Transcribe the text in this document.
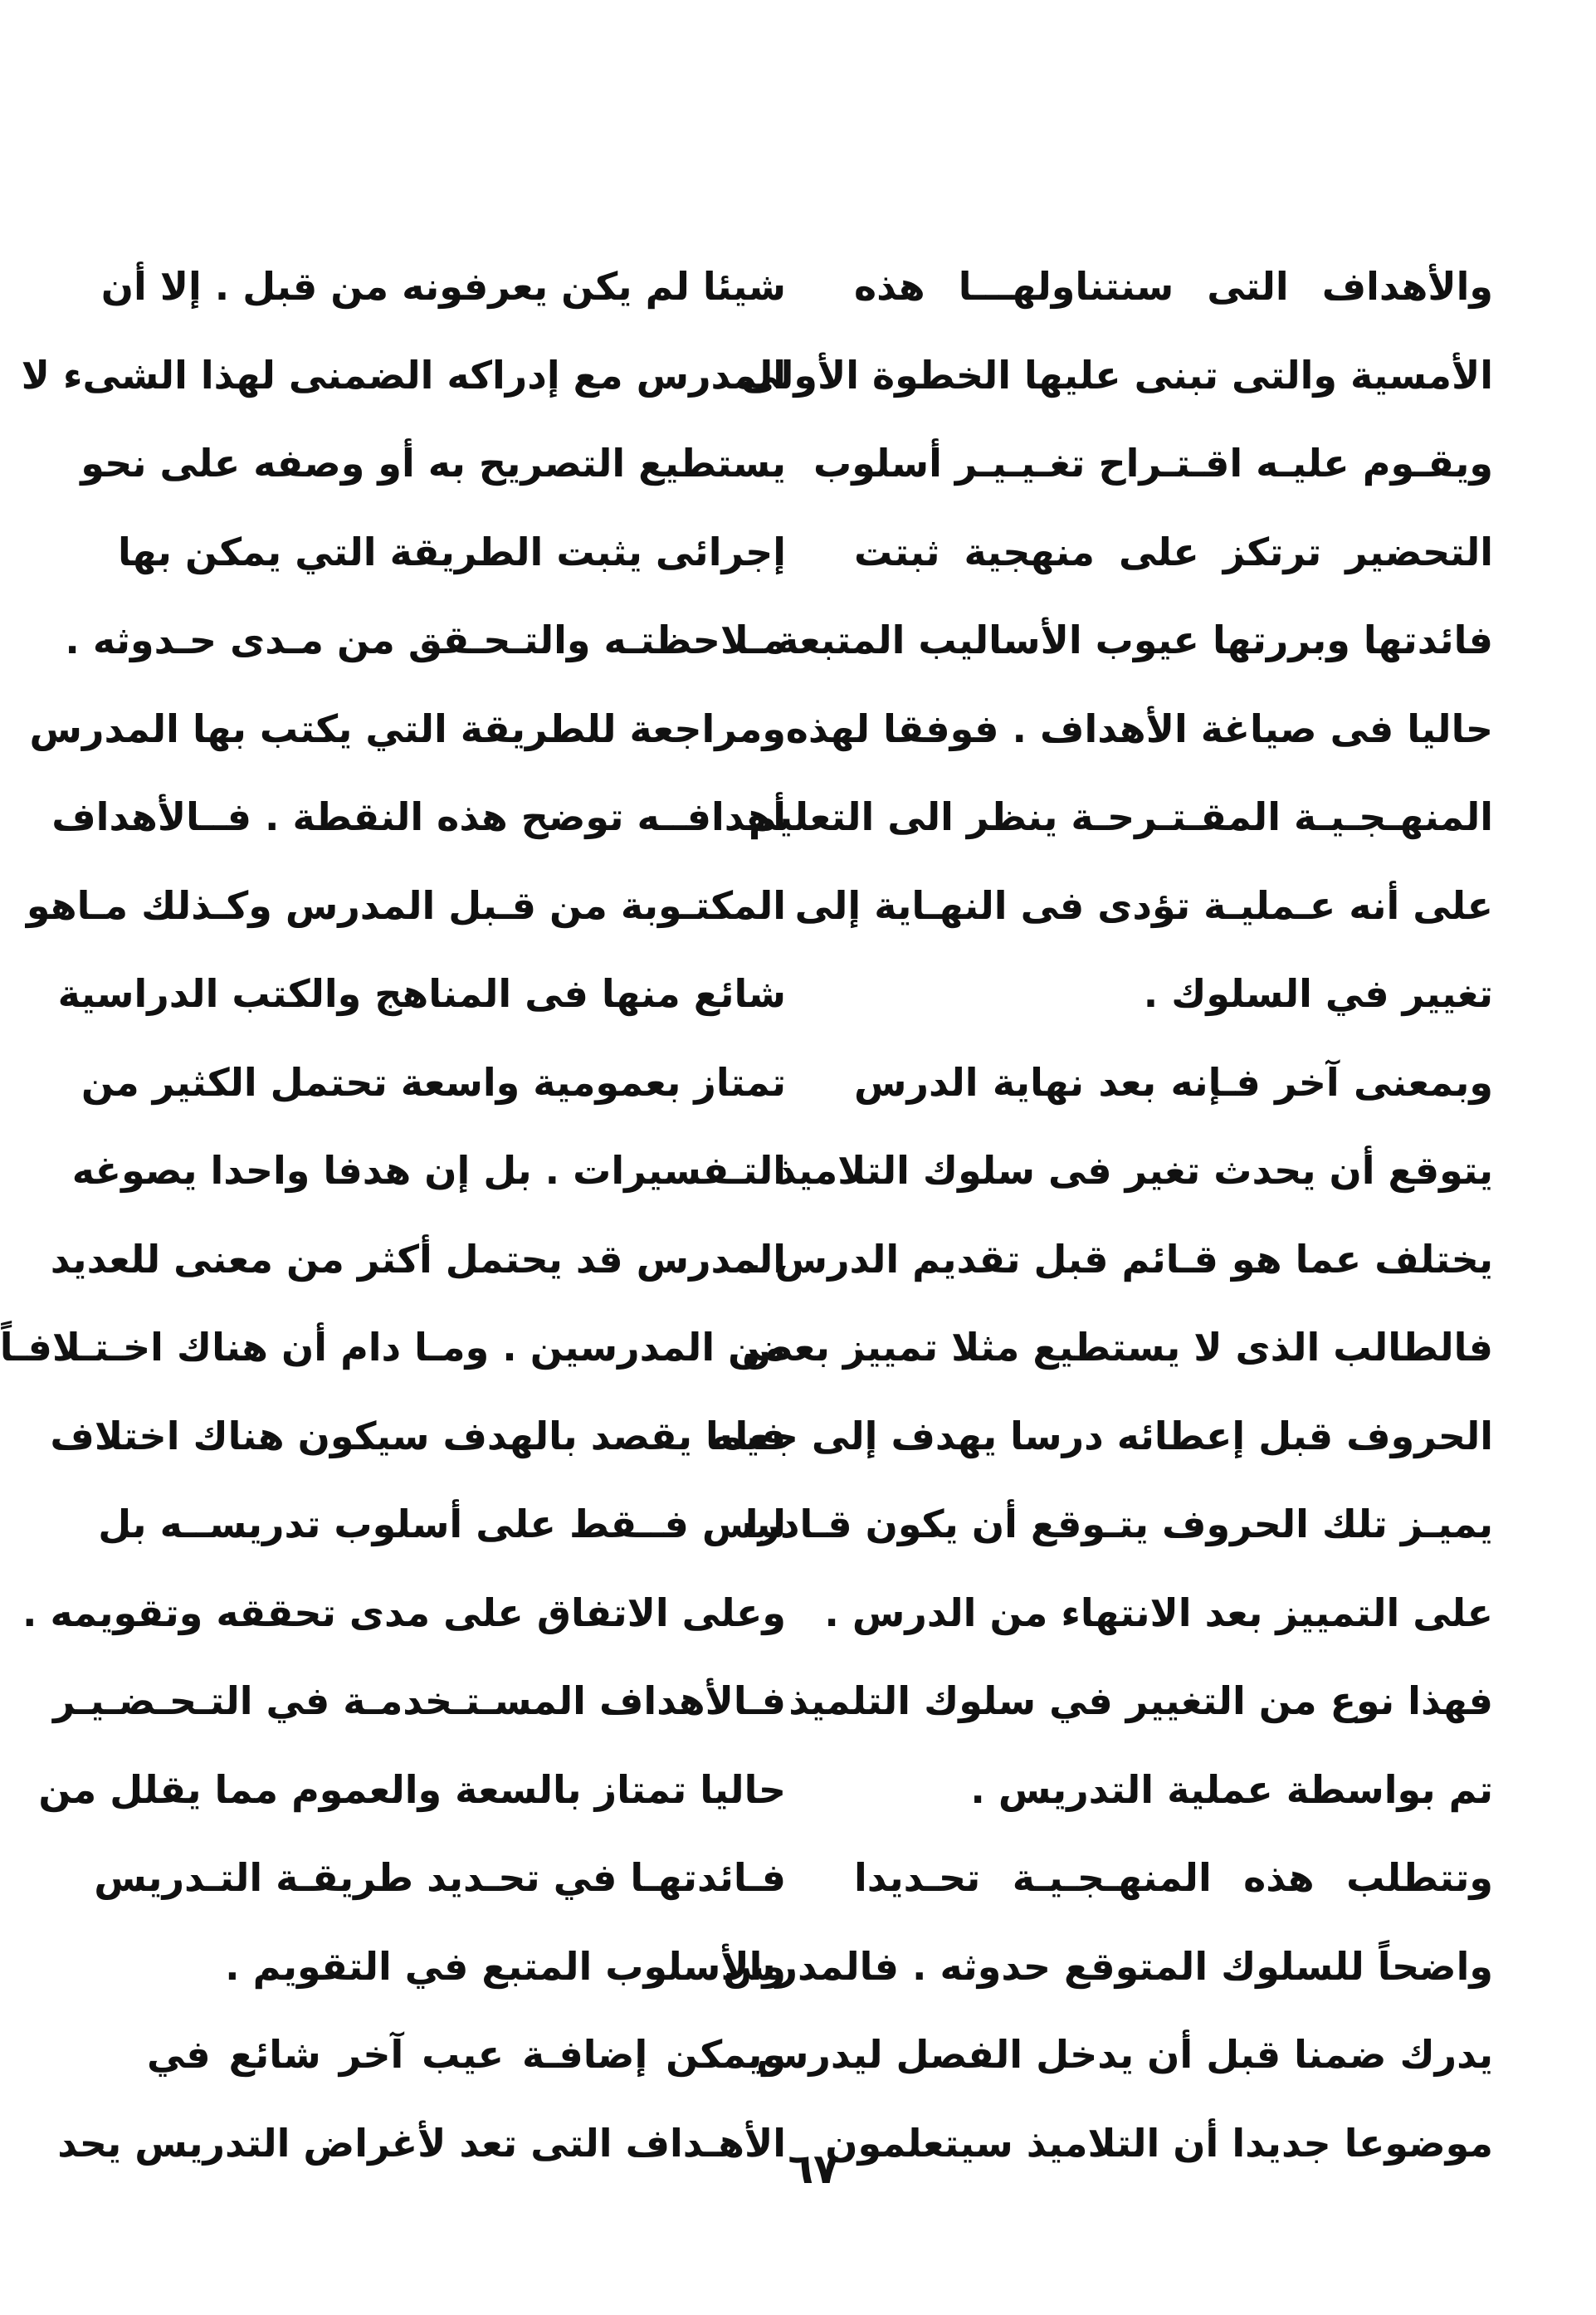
والأهداف التى سنتناولهـــا هذه
الأمسية والتى تبنى عليها الخطوة الأولى
ويقـوم عليـه اقـتـراح تغـيـيـر أسلوب
التحضير ترتكز على منهجية ثبتت
فائدتها وبررتها عيوب الأساليب المتبعة
حاليا فى صياغة الأهداف . فوفقا لهذه
المنهـجـيـة المقـتـرحـة ينظر الى التعليم
على أنه عـمليـة تؤدى فى النهـاية إلى
تغيير في السلوك .
وبمعنى آخر فـإنه بعد نهاية الدرس
يتوقع أن يحدث تغير فى سلوك التلاميذ
يختلف عما هو قـائم قبل تقديم الدرس .
فالطالب الذى لا يستطيع مثلا تمييز بعض
الحروف قبل إعطائه درسا يهدف إلى جعله
يميـز تلك الحروف يتـوقع أن يكون قـادرا
على التمييز بعد الانتهاء من الدرس .
فهذا نوع من التغيير في سلوك التلميذ
تم بواسطة عملية التدريس .
وتتطلب هذه المنهـجـيـة تحـديدا
واضحاً للسلوك المتوقع حدوثه . فالمدرس
يدرك ضمنا قبل أن يدخل الفصل ليدرس
موضوعا جديدا أن التلاميذ سيتعلمون
شيئا لم يكن يعرفونه من قبل . إلا أن
المدرس مع إدراكه الضمنى لهذا الشىء لا
يستطيع التصريح به أو وصفه على نحو
إجرائى يثبت الطريقة التي يمكن بها
مـلاحظتـه والتـحـقق من مـدى حـدوثه .
ومراجعة للطريقة التي يكتب بها المدرس
أهدافــه توضح هذه النقطة . فــالأهداف
المكتـوبة من قـبل المدرس وكـذلك مـاهو
شائع منها فى المناهج والكتب الدراسية
تمتاز بعمومية واسعة تحتمل الكثير من
التـفسيرات . بل إن هدفا واحدا يصوغه
المدرس قد يحتمل أكثر من معنى للعديد
من المدرسين . ومـا دام أن هناك اخـتـلافـاً
فيما يقصد بالهدف سيكون هناك اختلاف
ليس فــقط على أسلوب تدريســه بل
وعلى الاتفاق على مدى تحققه وتقويمه .
فـالأهداف المسـتـخدمـة في التـحـضـيـر
حاليا تمتاز بالسعة والعموم مما يقلل من
فـائدتهـا في تحـديد طريقـة التـدريس
والأسلوب المتبع في التقويم .
ويمكن إضافـة عيب آخر شائع في
الأهـداف التى تعد لأغراض التدريس يحد
٦٧
